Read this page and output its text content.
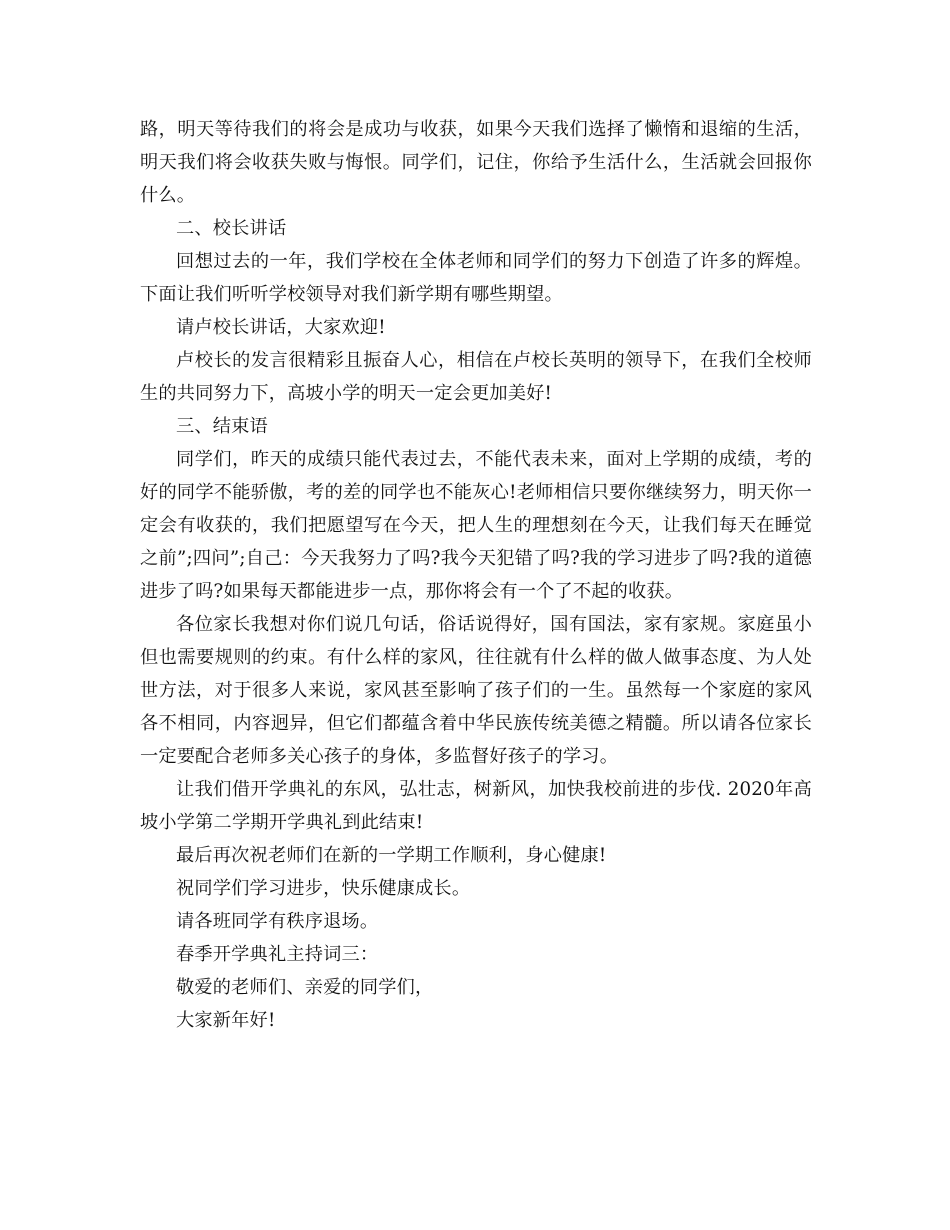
路，明天等待我们的将会是成功与收获，如果今天我们选择了懒惰和退缩的生活，明天我们将会收获失败与悔恨。同学们，记住，你给予生活什么，生活就会回报你什么。

二、校长讲话

回想过去的一年，我们学校在全体老师和同学们的努力下创造了许多的辉煌。下面让我们听听学校领导对我们新学期有哪些期望。

请卢校长讲话，大家欢迎!

卢校长的发言很精彩且振奋人心，相信在卢校长英明的领导下，在我们全校师生的共同努力下，高坡小学的明天一定会更加美好!

三、结束语

同学们，昨天的成绩只能代表过去，不能代表未来，面对上学期的成绩，考的好的同学不能骄傲，考的差的同学也不能灰心!老师相信只要你继续努力，明天你一定会有收获的，我们把愿望写在今天，把人生的理想刻在今天，让我们每天在睡觉之前”;四问”;自己：今天我努力了吗?我今天犯错了吗?我的学习进步了吗?我的道德进步了吗?如果每天都能进步一点，那你将会有一个了不起的收获。

各位家长我想对你们说几句话，俗话说得好，国有国法，家有家规。家庭虽小但也需要规则的约束。有什么样的家风，往往就有什么样的做人做事态度、为人处世方法，对于很多人来说，家风甚至影响了孩子们的一生。虽然每一个家庭的家风各不相同，内容迥异，但它们都蕴含着中华民族传统美德之精髓。所以请各位家长一定要配合老师多关心孩子的身体，多监督好孩子的学习。

让我们借开学典礼的东风，弘壮志，树新风，加快我校前进的步伐. 2020年高坡小学第二学期开学典礼到此结束!

最后再次祝老师们在新的一学期工作顺利，身心健康!

祝同学们学习进步，快乐健康成长。

请各班同学有秩序退场。

春季开学典礼主持词三：

敬爱的老师们、亲爱的同学们，

大家新年好!
